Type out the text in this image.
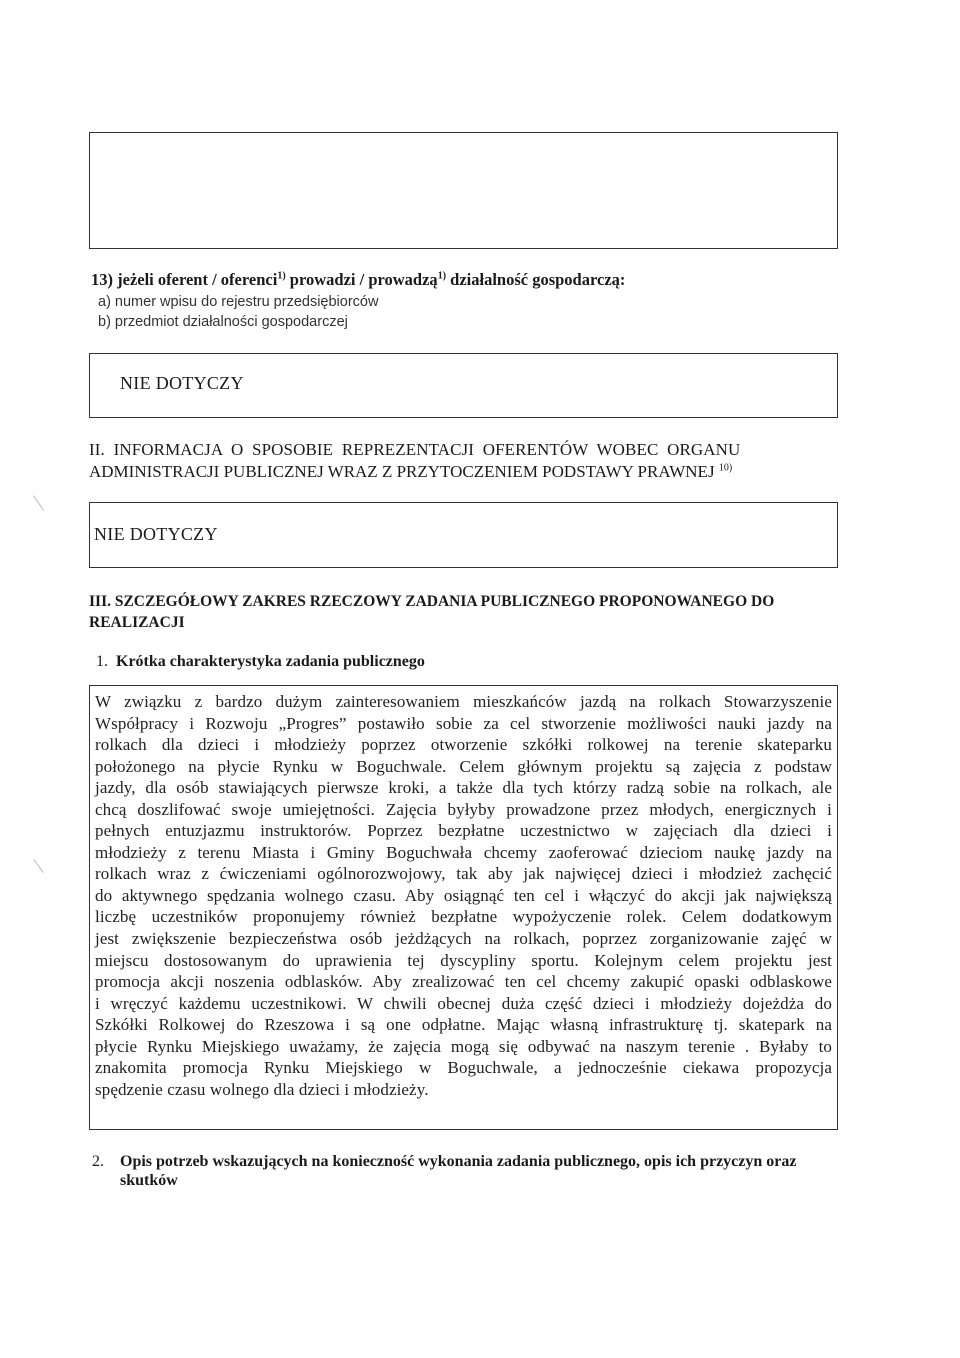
13) jeżeli oferent / oferenci$^{1)}$ prowadzi / prowadzą$^{1)}$ działalność gospodarczą:
a) numer wpisu do rejestru przedsiębiorców
b) przedmiot działalności gospodarczej
NIE DOTYCZY
II.  INFORMACJA  O  SPOSOBIE  REPREZENTACJI  OFERENTÓW  WOBEC  ORGANU
ADMINISTRACJI PUBLICZNEJ WRAZ Z PRZYTOCZENIEM PODSTAWY PRAWNEJ $^{10)}$
NIE DOTYCZY
III. SZCZEGÓŁOWY ZAKRES RZECZOWY ZADANIA PUBLICZNEGO PROPONOWANEGO DO
REALIZACJI
1. Krótka charakterystyka zadania publicznego
W związku z bardzo dużym zainteresowaniem mieszkańców jazdą na rolkach Stowarzyszenie
Współpracy i Rozwoju „Progres” postawiło sobie za cel stworzenie możliwości nauki jazdy na
rolkach dla dzieci i młodzieży poprzez otworzenie szkółki rolkowej na terenie skateparku
położonego na płycie Rynku w Boguchwale. Celem głównym projektu są zajęcia z podstaw
jazdy, dla osób stawiających pierwsze kroki, a także dla tych którzy radzą sobie na rolkach, ale
chcą doszlifować swoje umiejętności. Zajęcia byłyby prowadzone przez młodych, energicznych i
pełnych entuzjazmu instruktorów. Poprzez bezpłatne uczestnictwo w zajęciach dla dzieci i
młodzieży z terenu Miasta i Gminy Boguchwała chcemy zaoferować dzieciom naukę jazdy na
rolkach wraz z ćwiczeniami ogólnorozwojowy, tak aby jak najwięcej dzieci i młodzież zachęcić
do aktywnego spędzania wolnego czasu. Aby osiągnąć ten cel i włączyć do akcji jak największą
liczbę uczestników proponujemy również bezpłatne wypożyczenie rolek. Celem dodatkowym
jest zwiększenie bezpieczeństwa osób jeżdżących na rolkach, poprzez zorganizowanie zajęć w
miejscu dostosowanym do uprawienia tej dyscypliny sportu. Kolejnym celem projektu jest
promocja akcji noszenia odblasków. Aby zrealizować ten cel chcemy zakupić opaski odblaskowe
i wręczyć każdemu uczestnikowi. W chwili obecnej duża część dzieci i młodzieży dojeżdża do
Szkółki Rolkowej do Rzeszowa i są one odpłatne. Mając własną infrastrukturę tj. skatepark na
płycie Rynku Miejskiego uważamy, że zajęcia mogą się odbywać na naszym terenie . Byłaby to
znakomita promocja Rynku Miejskiego w Boguchwale, a jednocześnie ciekawa propozycja
spędzenie czasu wolnego dla dzieci i młodzieży.
2. Opis potrzeb wskazujących na konieczność wykonania zadania publicznego, opis ich przyczyn oraz
skutków
